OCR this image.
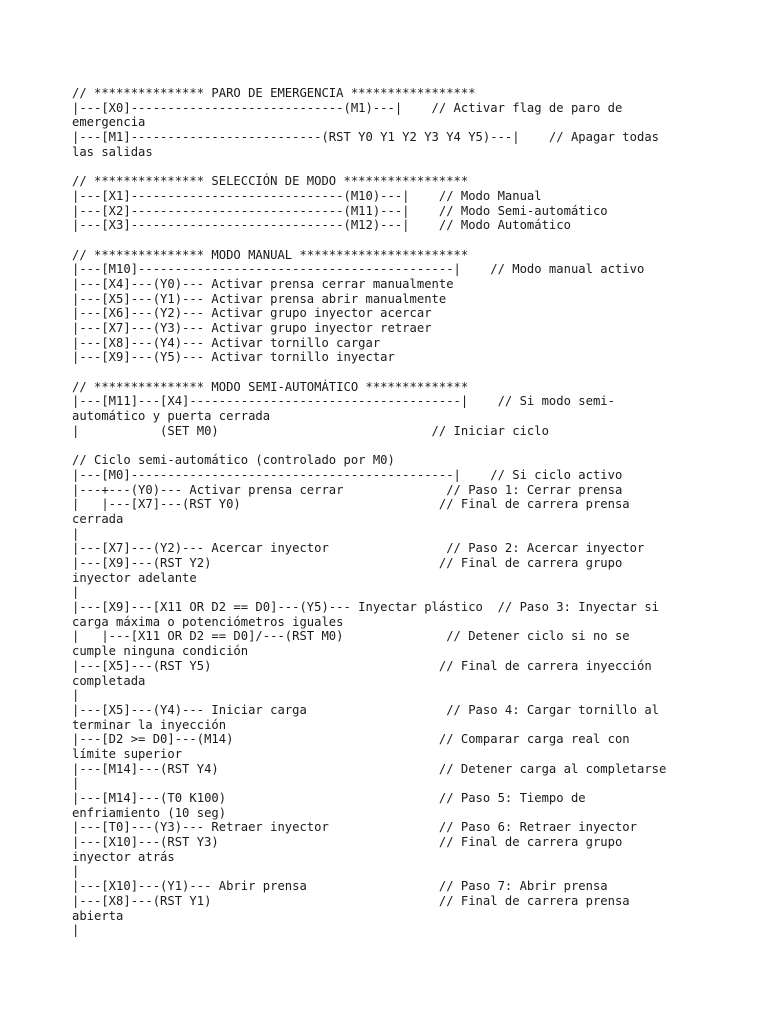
// *************** PARO DE EMERGENCIA *****************
|---[X0]-----------------------------(M1)---|    // Activar flag de paro de
emergencia
|---[M1]--------------------------(RST Y0 Y1 Y2 Y3 Y4 Y5)---|    // Apagar todas
las salidas
// *************** SELECCIÓN DE MODO *****************
|---[X1]-----------------------------(M10)---|    // Modo Manual
|---[X2]-----------------------------(M11)---|    // Modo Semi-automático
|---[X3]-----------------------------(M12)---|    // Modo Automático
// *************** MODO MANUAL ***********************
|---[M10]-------------------------------------------|    // Modo manual activo
|---[X4]---(Y0)--- Activar prensa cerrar manualmente
|---[X5]---(Y1)--- Activar prensa abrir manualmente
|---[X6]---(Y2)--- Activar grupo inyector acercar
|---[X7]---(Y3)--- Activar grupo inyector retraer
|---[X8]---(Y4)--- Activar tornillo cargar
|---[X9]---(Y5)--- Activar tornillo inyectar
// *************** MODO SEMI-AUTOMÁTICO **************
|---[M11]---[X4]-------------------------------------|    // Si modo semi-
automático y puerta cerrada
|           (SET M0)                             // Iniciar ciclo
// Ciclo semi-automático (controlado por M0)
|---[M0]--------------------------------------------|    // Si ciclo activo
|---+---(Y0)--- Activar prensa cerrar              // Paso 1: Cerrar prensa
|   |---[X7]---(RST Y0)                           // Final de carrera prensa
cerrada
|
|---[X7]---(Y2)--- Acercar inyector                // Paso 2: Acercar inyector
|---[X9]---(RST Y2)                               // Final de carrera grupo
inyector adelante
|
|---[X9]---[X11 OR D2 == D0]---(Y5)--- Inyectar plástico  // Paso 3: Inyectar si
carga máxima o potenciómetros iguales
|   |---[X11 OR D2 == D0]/---(RST M0)              // Detener ciclo si no se
cumple ninguna condición
|---[X5]---(RST Y5)                               // Final de carrera inyección
completada
|
|---[X5]---(Y4)--- Iniciar carga                   // Paso 4: Cargar tornillo al
terminar la inyección
|---[D2 >= D0]---(M14)                            // Comparar carga real con
límite superior
|---[M14]---(RST Y4)                              // Detener carga al completarse
|
|---[M14]---(T0 K100)                             // Paso 5: Tiempo de
enfriamiento (10 seg)
|---[T0]---(Y3)--- Retraer inyector               // Paso 6: Retraer inyector
|---[X10]---(RST Y3)                              // Final de carrera grupo
inyector atrás
|
|---[X10]---(Y1)--- Abrir prensa                  // Paso 7: Abrir prensa
|---[X8]---(RST Y1)                               // Final de carrera prensa
abierta
|
